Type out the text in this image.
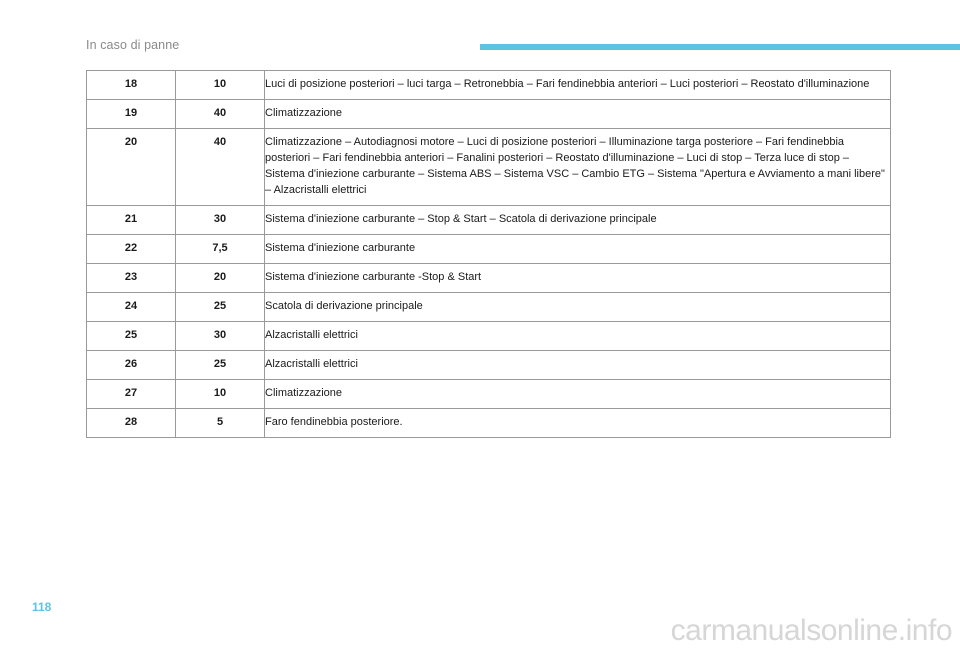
In caso di panne
18	10	Luci di posizione posteriori – luci targa – Retronebbia – Fari fendinebbia anteriori – Luci posteriori – Reostato d'illuminazione
19	40	Climatizzazione
20	40	Climatizzazione – Autodiagnosi motore – Luci di posizione posteriori – Illuminazione targa posteriore – Fari fendinebbia posteriori – Fari fendinebbia anteriori – Fanalini posteriori – Reostato d'illuminazione – Luci di stop – Terza luce di stop – Sistema d'iniezione carburante – Sistema ABS – Sistema VSC – Cambio ETG – Sistema "Apertura e Avviamento a mani libere" – Alzacristalli elettrici
21	30	Sistema d'iniezione carburante – Stop & Start – Scatola di derivazione principale
22	7,5	Sistema d'iniezione carburante
23	20	Sistema d'iniezione carburante -Stop & Start
24	25	Scatola di derivazione principale
25	30	Alzacristalli elettrici
26	25	Alzacristalli elettrici
27	10	Climatizzazione
28	5	Faro fendinebbia posteriore.
118
carmanualsonline.info
